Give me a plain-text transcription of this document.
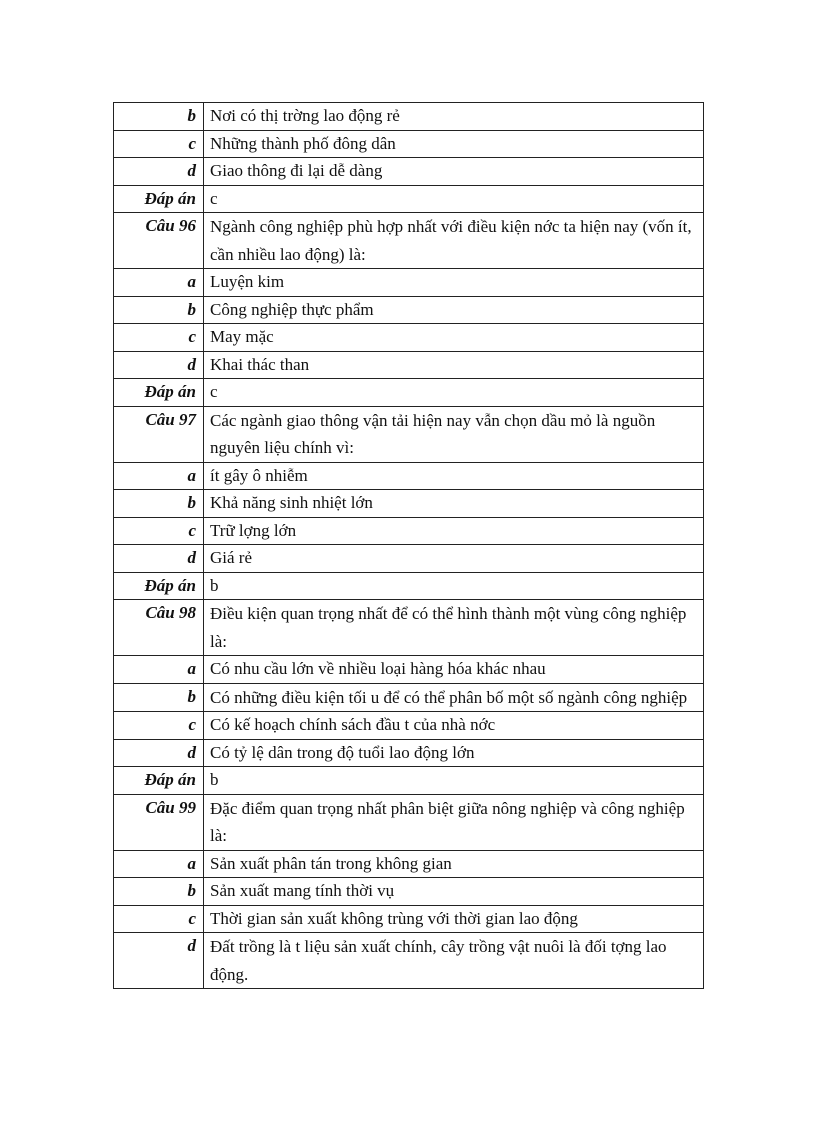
b	Nơi có thị trờng lao động rẻ
c	Những thành phố đông dân
d	Giao thông đi lại dễ dàng
Đáp án	c
Câu 96	Ngành công nghiệp phù hợp nhất với điều kiện nớc ta hiện nay (vốn ít, cần nhiều lao động) là:
a	Luyện kim
b	Công nghiệp thực phẩm
c	May mặc
d	Khai thác than
Đáp án	c
Câu 97	Các ngành giao thông vận tải hiện nay vẫn chọn dầu mỏ là nguồn nguyên liệu chính vì:
a	ít gây ô nhiễm
b	Khả năng sinh nhiệt lớn
c	Trữ lợng lớn
d	Giá rẻ
Đáp án	b
Câu 98	Điều kiện quan trọng nhất để có thể hình thành một vùng công nghiệp là:
a	Có nhu cầu lớn về nhiều loại hàng hóa khác nhau
b	Có những điều kiện tối u để có thể phân bố một số ngành công nghiệp
c	Có kế hoạch chính sách đầu t của nhà nớc
d	Có tỷ lệ dân trong độ tuổi lao động lớn
Đáp án	b
Câu 99	Đặc điểm quan trọng nhất phân biệt giữa nông nghiệp và công nghiệp là:
a	Sản xuất phân tán trong không gian
b	Sản xuất mang tính thời vụ
c	Thời gian sản xuất không trùng với thời gian lao động
d	Đất trồng là t liệu sản xuất chính, cây trồng vật nuôi là đối tợng lao động.
